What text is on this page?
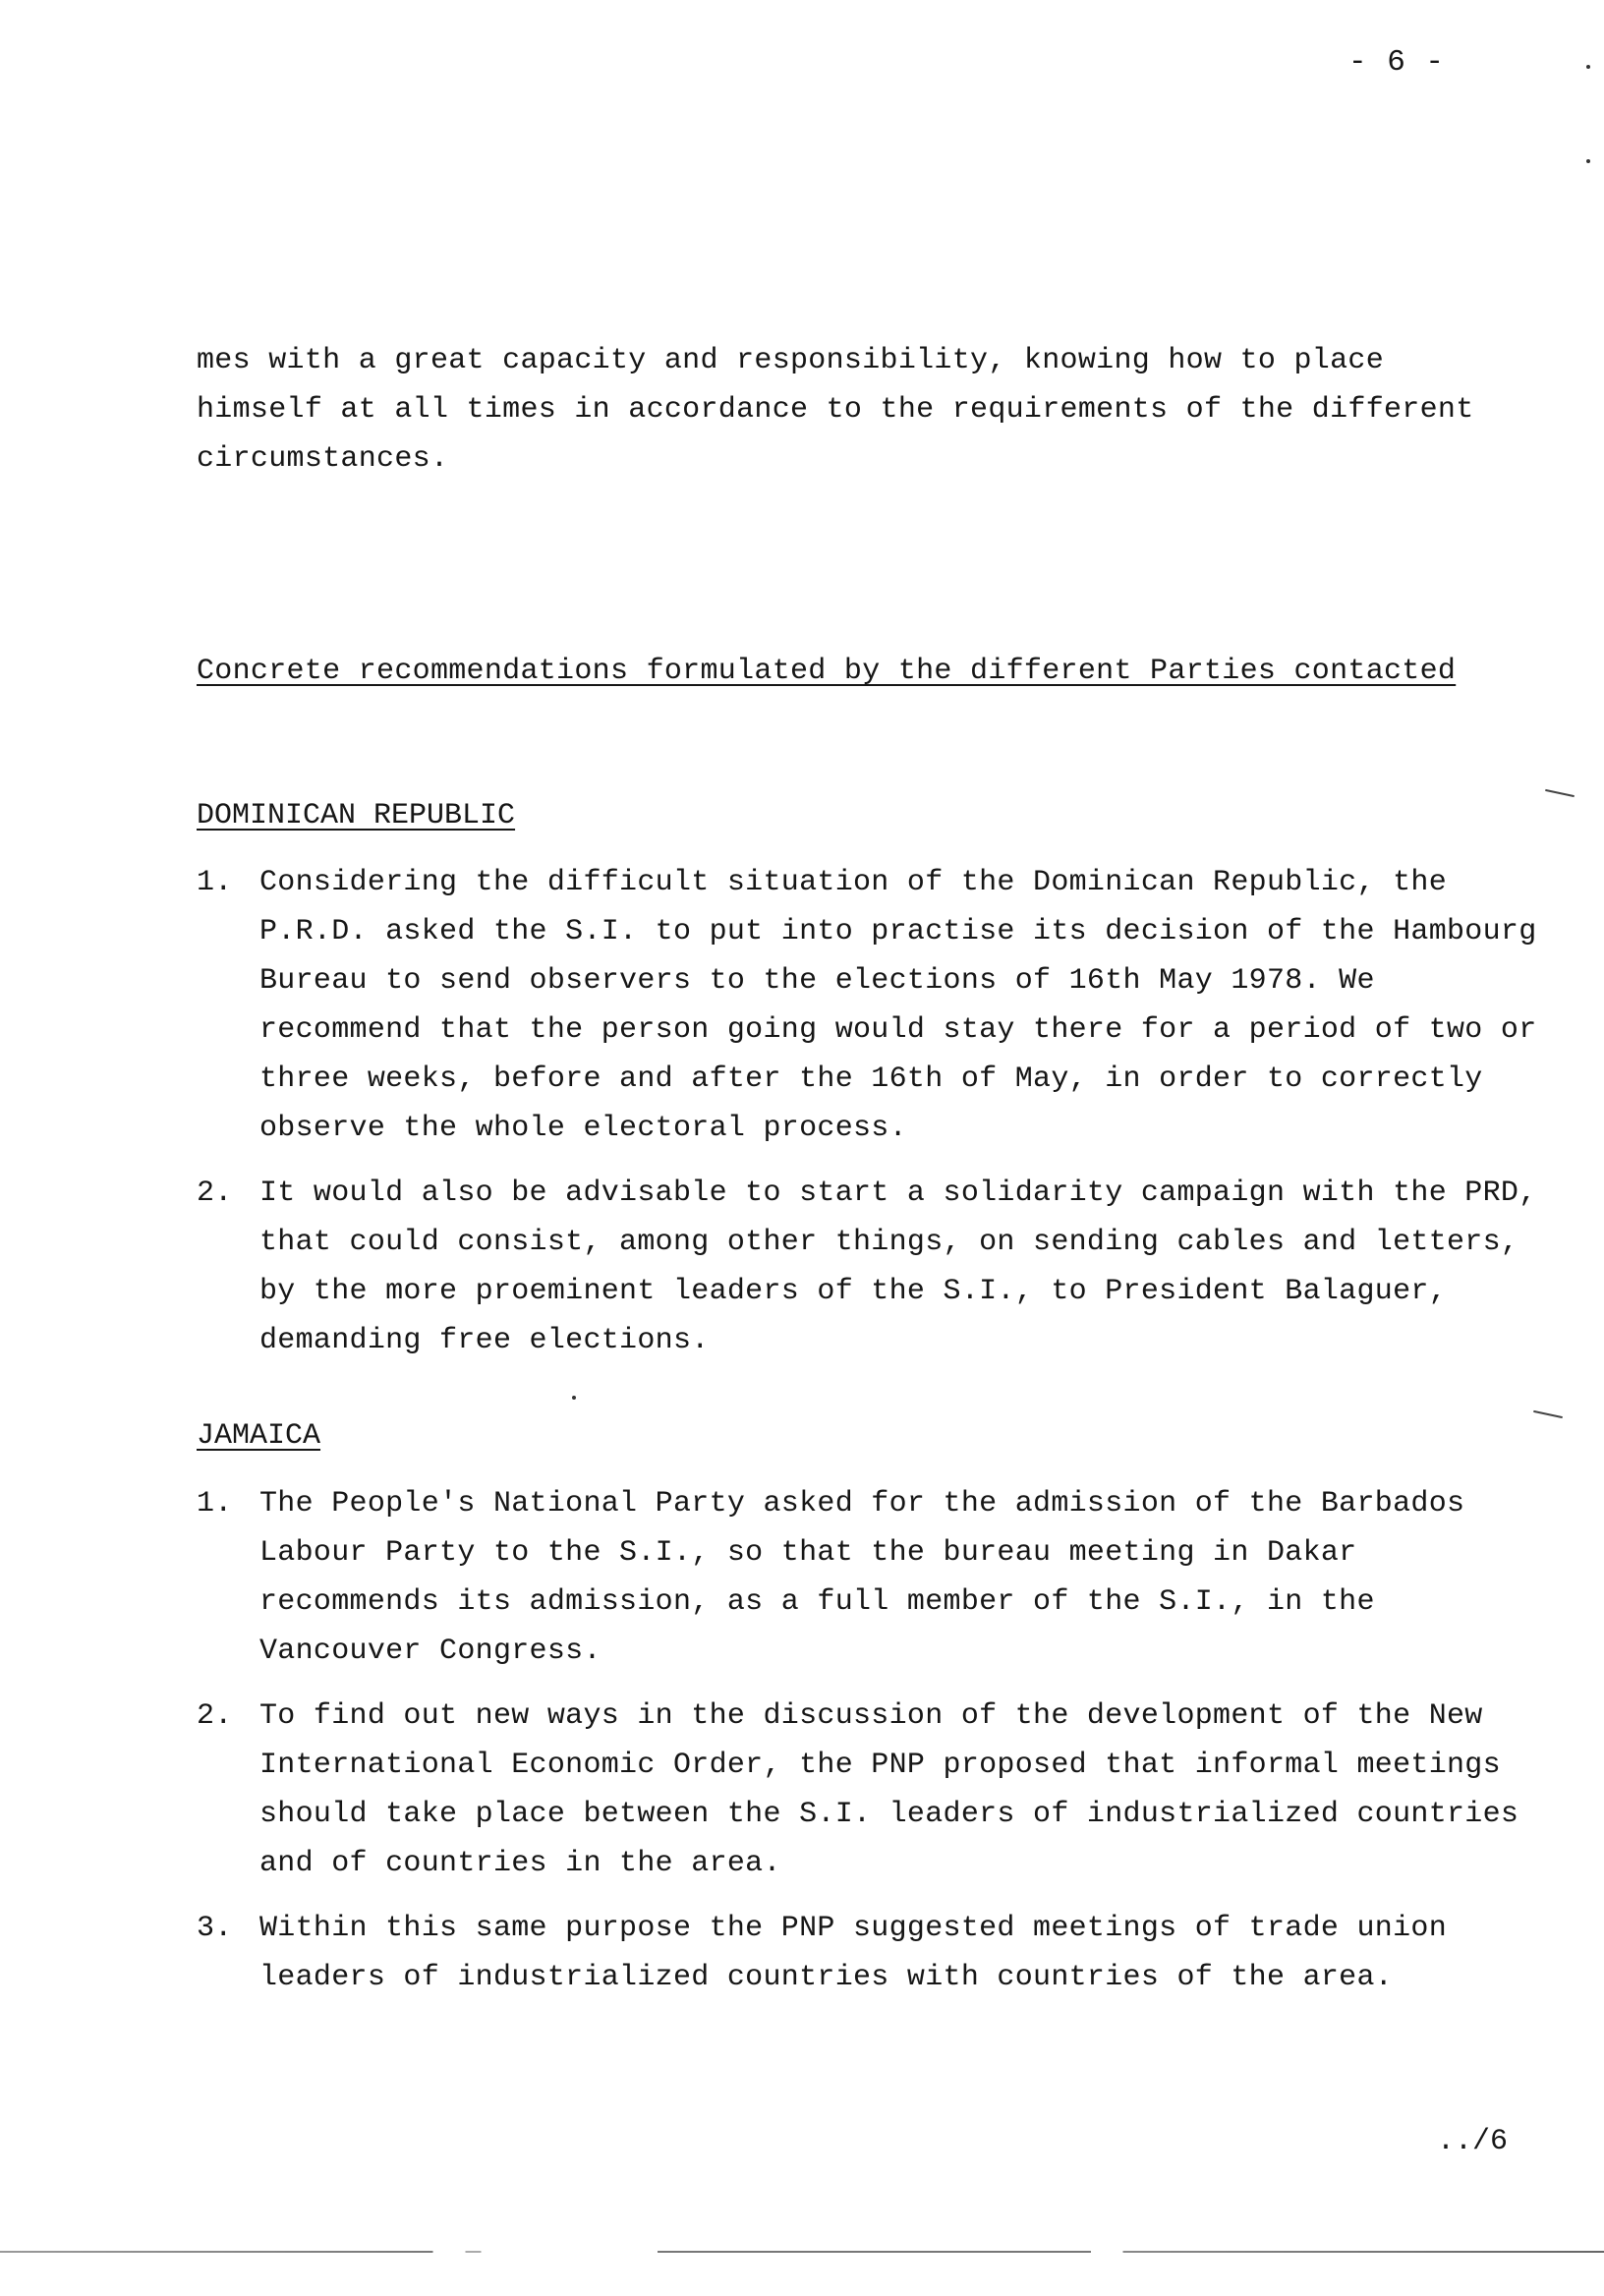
- 6 -
mes with a great capacity and responsibility, knowing how to place himself at all times in accordance to the requirements of the different circumstances.
Concrete recommendations formulated by the different Parties contacted
DOMINICAN REPUBLIC
1. Considering the difficult situation of the Dominican Republic, the P.R.D. asked the S.I. to put into practise its decision of the Hambourg Bureau to send observers to the elections of 16th May 1978. We recommend that the person going would stay there for a period of two or three weeks, before and after the 16th of May, in order to correctly observe the whole electoral process.
2. It would also be advisable to start a solidarity campaign with the PRD, that could consist, among other things, on sending cables and letters, by the more proeminent leaders of the S.I., to President Balaguer, demanding free elections.
JAMAICA
1. The People's National Party asked for the admission of the Barbados Labour Party to the S.I., so that the bureau meeting in Dakar recommends its admission, as a full member of the S.I., in the Vancouver Congress.
2. To find out new ways in the discussion of the development of the New International Economic Order, the PNP proposed that informal meetings should take place between the S.I. leaders of industrialized countries and of countries in the area.
3. Within this same purpose the PNP suggested meetings of trade union leaders of industrialized countries with countries of the area.
../6
